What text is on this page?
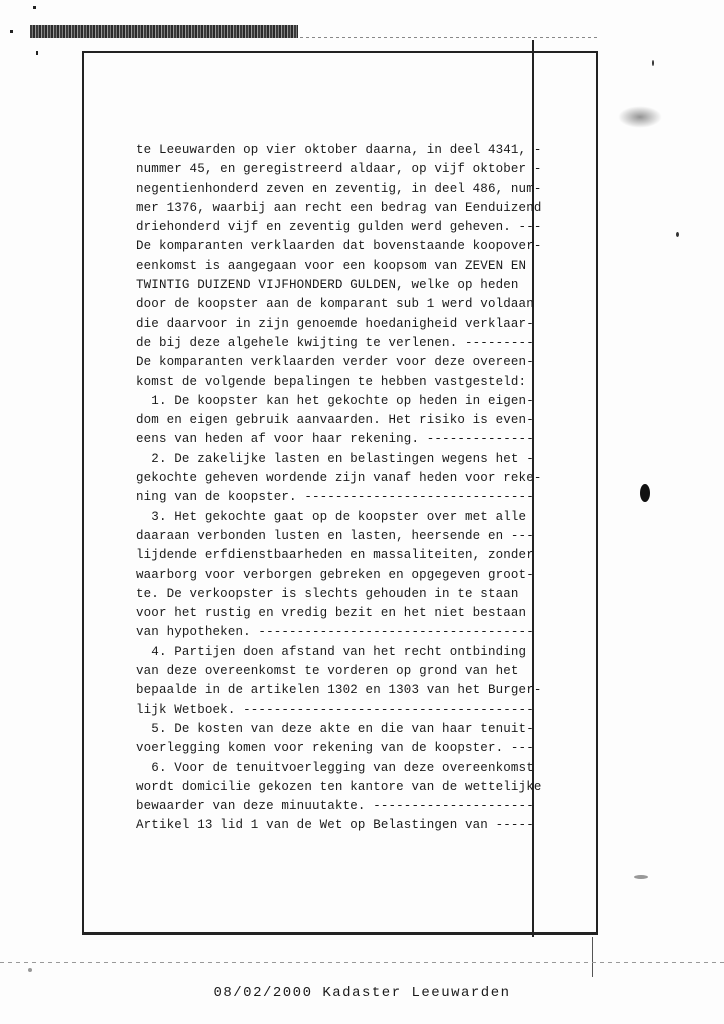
te Leeuwarden op vier oktober daarna, in deel 4341, -
nummer 45, en geregistreerd aldaar, op vijf oktober -
negentienhonderd zeven en zeventig, in deel 486, num-
mer 1376, waarbij aan recht een bedrag van Eenduizend
driehonderd vijf en zeventig gulden werd geheven. ---
De komparanten verklaarden dat bovenstaande koopover-
eenkomst is aangegaan voor een koopsom van ZEVEN EN
TWINTIG DUIZEND VIJFHONDERD GULDEN, welke op heden
door de koopster aan de komparant sub 1 werd voldaan
die daarvoor in zijn genoemde hoedanigheid verklaar-
de bij deze algehele kwijting te verlenen. ---------
De komparanten verklaarden verder voor deze overeen-
komst de volgende bepalingen te hebben vastgesteld:
1. De koopster kan het gekochte op heden in eigen-
dom en eigen gebruik aanvaarden. Het risiko is even-
eens van heden af voor haar rekening. --------------
2. De zakelijke lasten en belastingen wegens het -
gekochte geheven wordende zijn vanaf heden voor reke-
ning van de koopster. ------------------------------
3. Het gekochte gaat op de koopster over met alle
daaraan verbonden lusten en lasten, heersende en ---
lijdende erfdienstbaarheden en massaliteiten, zonder
waarborg voor verborgen gebreken en opgegeven groot-
te. De verkoopster is slechts gehouden in te staan
voor het rustig en vredig bezit en het niet bestaan
van hypotheken. ------------------------------------
4. Partijen doen afstand van het recht ontbinding
van deze overeenkomst te vorderen op grond van het
bepaalde in de artikelen 1302 en 1303 van het Burger-
lijk Wetboek. --------------------------------------
5. De kosten van deze akte en die van haar tenuit-
voerlegging komen voor rekening van de koopster. ---
6. Voor de tenuitvoerlegging van deze overeenkomst
wordt domicilie gekozen ten kantore van de wettelijke
bewaarder van deze minuutakte. ---------------------
Artikel 13 lid 1 van de Wet op Belastingen van -----
08/02/2000 Kadaster Leeuwarden
